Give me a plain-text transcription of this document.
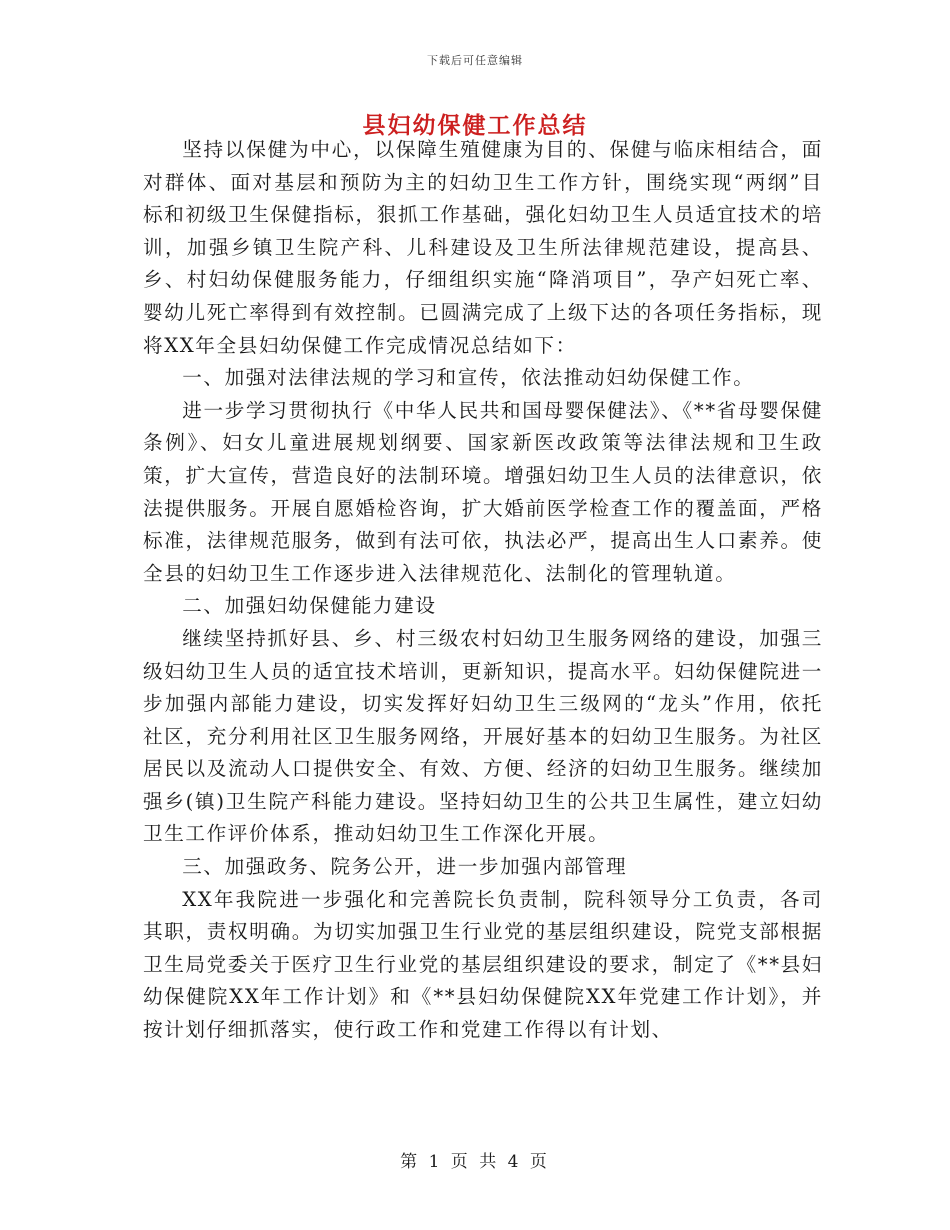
下载后可任意编辑
县妇幼保健工作总结

坚持以保健为中心，以保障生殖健康为目的、保健与临床相结合，面对群体、面对基层和预防为主的妇幼卫生工作方针，围绕实现“两纲”目标和初级卫生保健指标，狠抓工作基础，强化妇幼卫生人员适宜技术的培训，加强乡镇卫生院产科、儿科建设及卫生所法律规范建设，提高县、乡、村妇幼保健服务能力，仔细组织实施“降消项目”，孕产妇死亡率、婴幼儿死亡率得到有效控制。已圆满完成了上级下达的各项任务指标，现将XX年全县妇幼保健工作完成情况总结如下：

一、加强对法律法规的学习和宣传，依法推动妇幼保健工作。

进一步学习贯彻执行《中华人民共和国母婴保健法》、《**省母婴保健条例》、妇女儿童进展规划纲要、国家新医改政策等法律法规和卫生政策，扩大宣传，营造良好的法制环境。增强妇幼卫生人员的法律意识，依法提供服务。开展自愿婚检咨询，扩大婚前医学检查工作的覆盖面，严格标准，法律规范服务，做到有法可依，执法必严，提高出生人口素养。使全县的妇幼卫生工作逐步进入法律规范化、法制化的管理轨道。

二、加强妇幼保健能力建设

继续坚持抓好县、乡、村三级农村妇幼卫生服务网络的建设，加强三级妇幼卫生人员的适宜技术培训，更新知识，提高水平。妇幼保健院进一步加强内部能力建设，切实发挥好妇幼卫生三级网的“龙头”作用，依托社区，充分利用社区卫生服务网络，开展好基本的妇幼卫生服务。为社区居民以及流动人口提供安全、有效、方便、经济的妇幼卫生服务。继续加强乡(镇)卫生院产科能力建设。坚持妇幼卫生的公共卫生属性，建立妇幼卫生工作评价体系，推动妇幼卫生工作深化开展。

三、加强政务、院务公开，进一步加强内部管理

XX年我院进一步强化和完善院长负责制，院科领导分工负责，各司其职，责权明确。为切实加强卫生行业党的基层组织建设，院党支部根据卫生局党委关于医疗卫生行业党的基层组织建设的要求，制定了《**县妇幼保健院XX年工作计划》和《**县妇幼保健院XX年党建工作计划》，并按计划仔细抓落实，使行政工作和党建工作得以有计划、

第 1 页 共 4 页
